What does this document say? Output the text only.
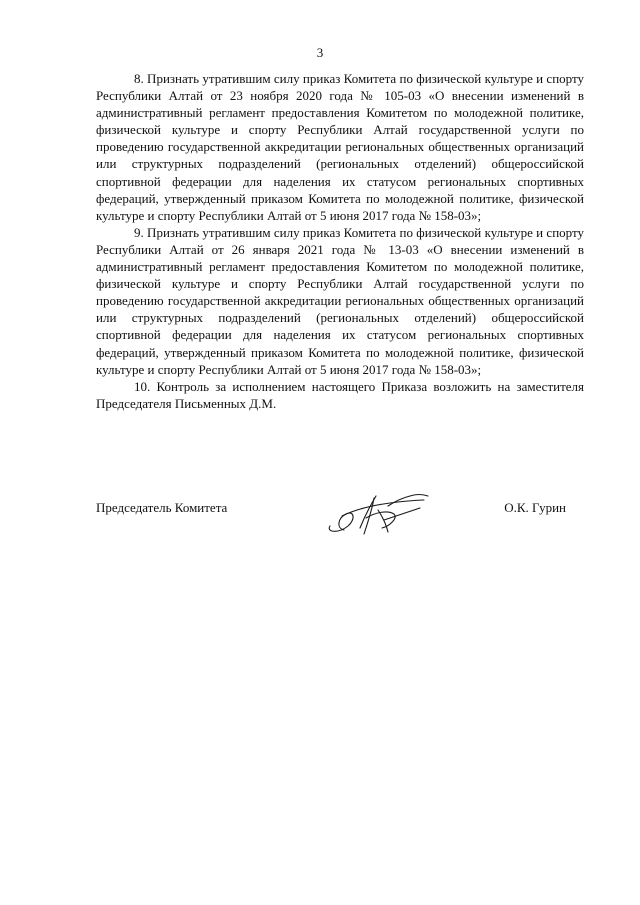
3

8. Признать утратившим силу приказ Комитета по физической культуре и спорту Республики Алтай от 23 ноября 2020 года № 105-03 «О внесении изменений в административный регламент предоставления Комитетом по молодежной политике, физической культуре и спорту Республики Алтай государственной услуги по проведению государственной аккредитации региональных общественных организаций или структурных подразделений (региональных отделений) общероссийской спортивной федерации для наделения их статусом региональных спортивных федераций, утвержденный приказом Комитета по молодежной политике, физической культуре и спорту Республики Алтай от 5 июня 2017 года № 158-03»;

9. Признать утратившим силу приказ Комитета по физической культуре и спорту Республики Алтай от 26 января 2021 года № 13-03 «О внесении изменений в административный регламент предоставления Комитетом по молодежной политике, физической культуре и спорту Республики Алтай государственной услуги по проведению государственной аккредитации региональных общественных организаций или структурных подразделений (региональных отделений) общероссийской спортивной федерации для наделения их статусом региональных спортивных федераций, утвержденный приказом Комитета по молодежной политике, физической культуре и спорту Республики Алтай от 5 июня 2017 года № 158-03»;

10. Контроль за исполнением настоящего Приказа возложить на заместителя Председателя Письменных Д.М.

Председатель Комитета	О.К. Гурин
